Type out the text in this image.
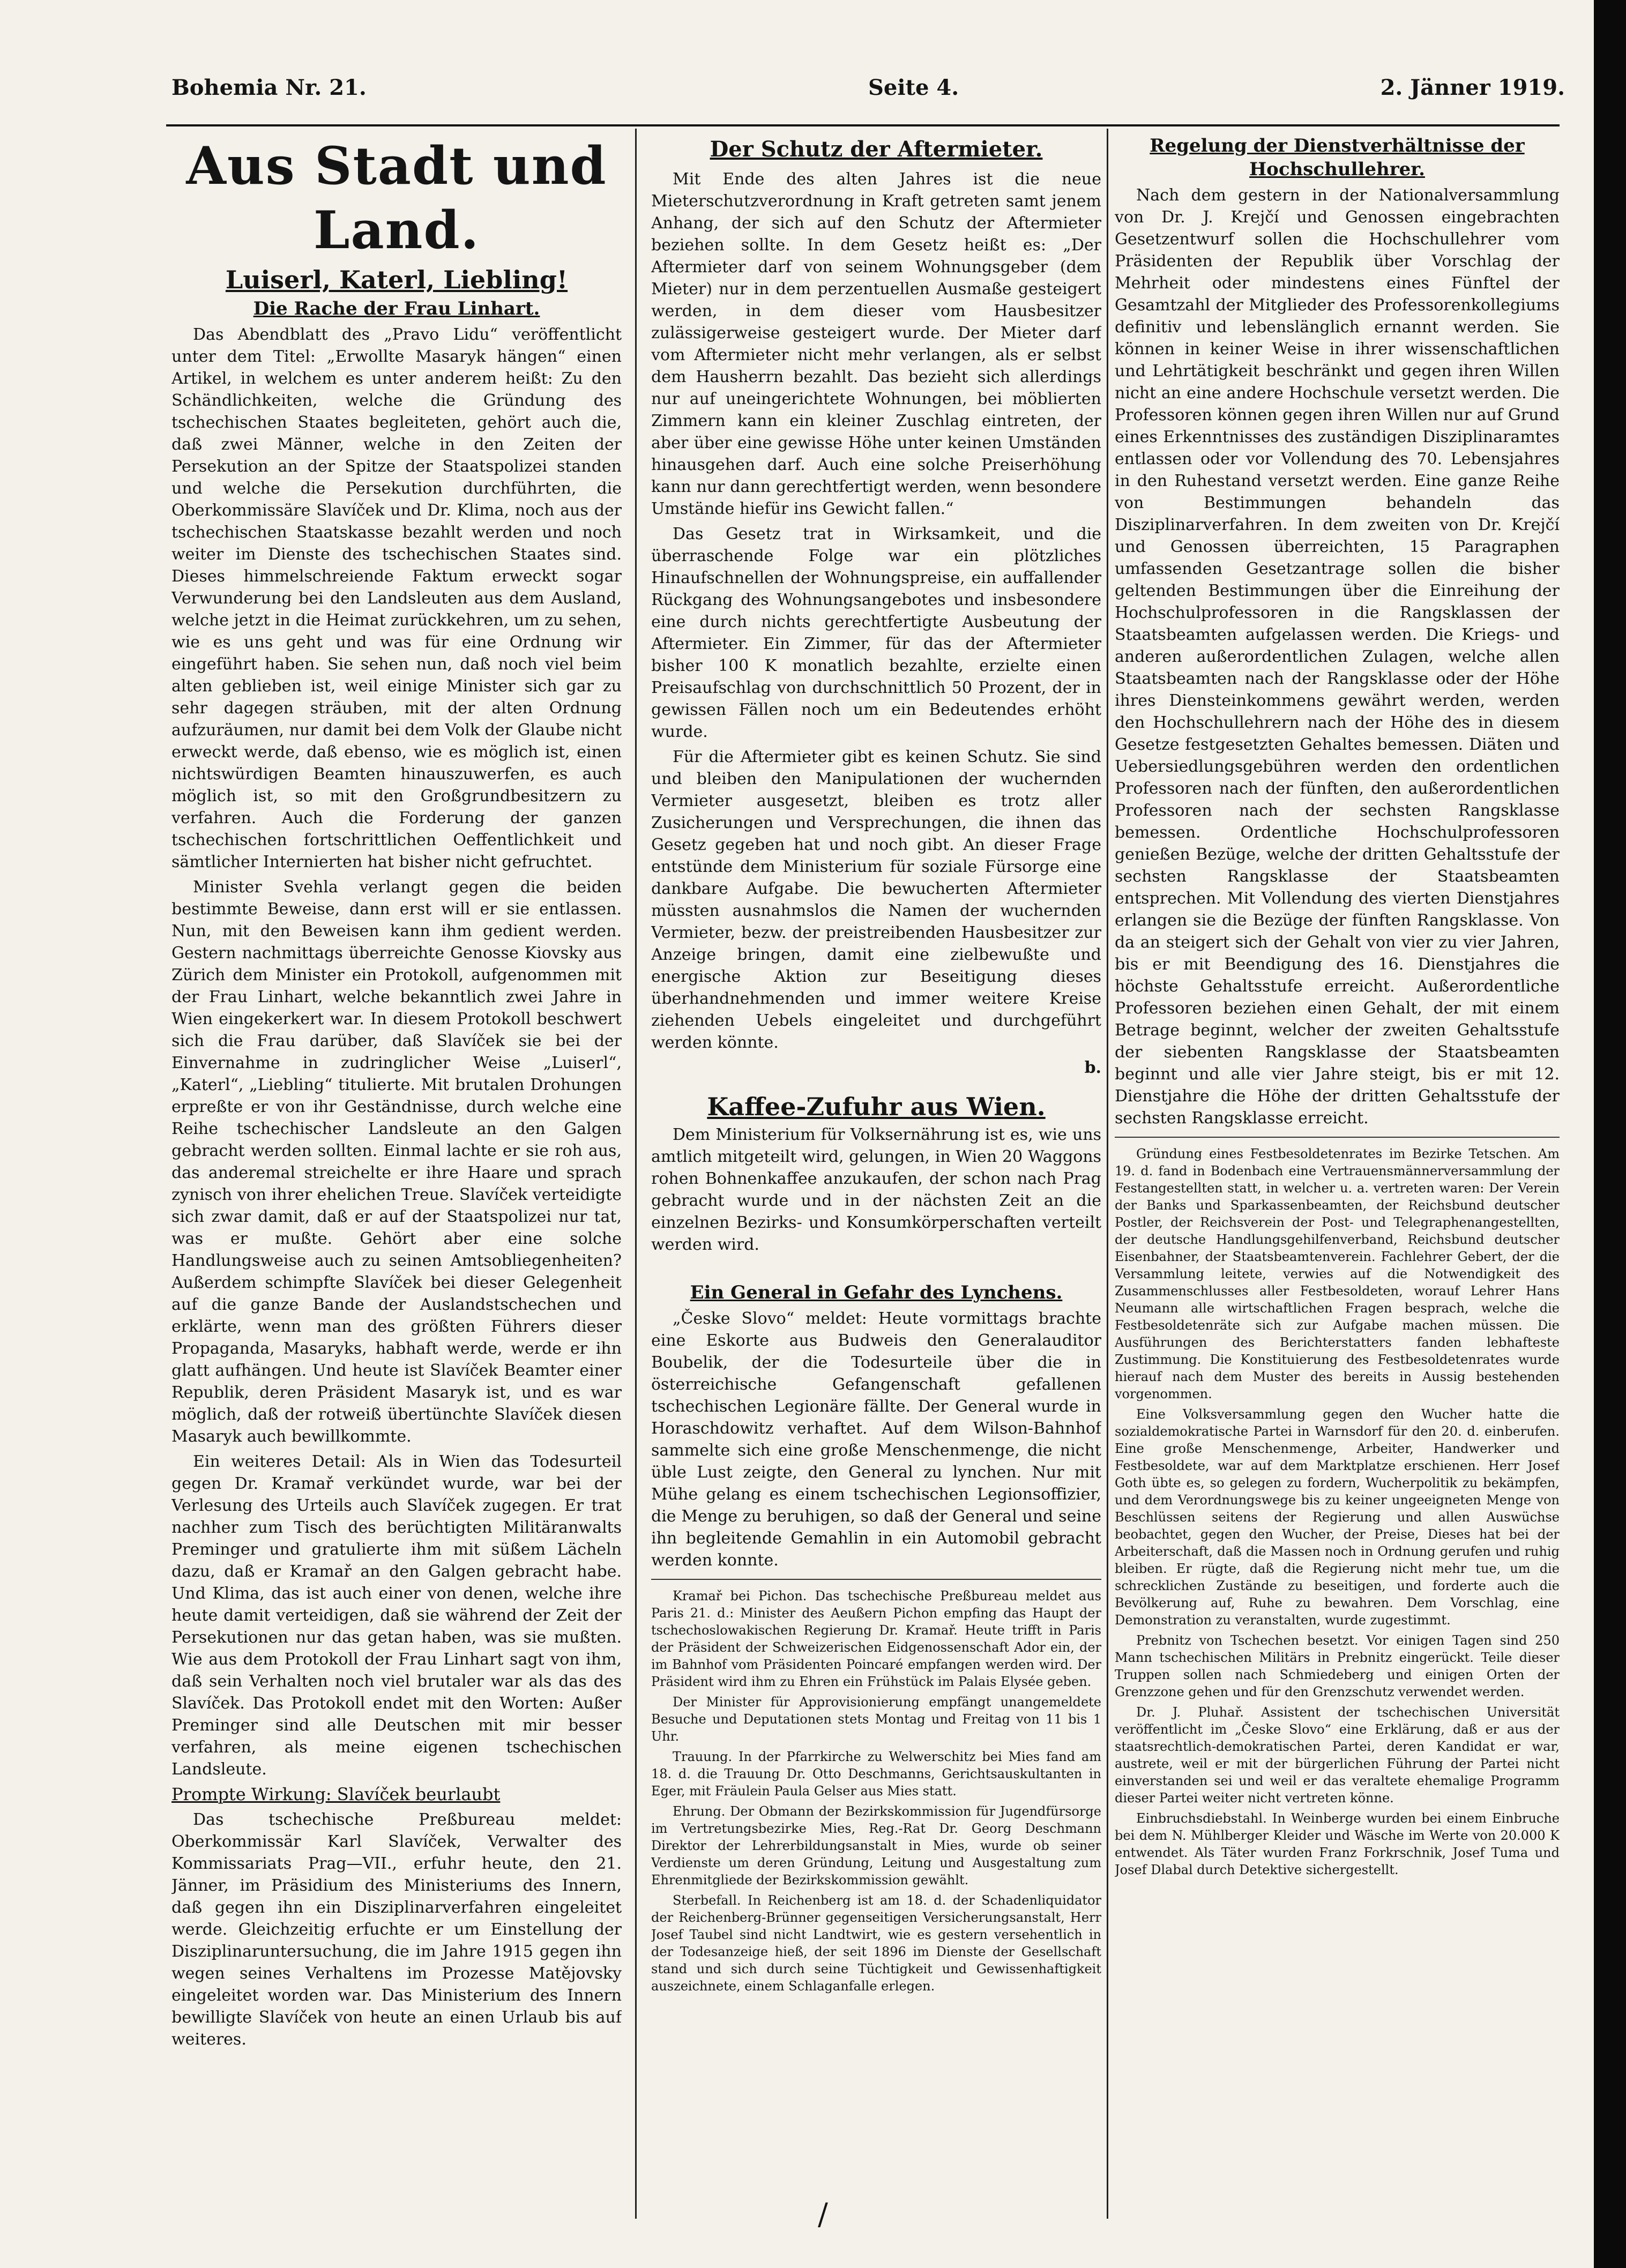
Bohemia Nr. 21.	Seite 4.	2. Jänner 1919.
Aus Stadt und Land.
Luiserl, Katerl, Liebling!
Die Rache der Frau Linhart.

Das Abendblatt des „Pravo Lidu“ veröffentlicht unter dem Titel: „Erwollte Masaryk hängen“ einen Artikel, in welchem es unter anderem heißt: Zu den Schändlichkeiten, welche die Gründung des tschechischen Staates begleiteten, gehört auch die, daß zwei Männer, welche in den Zeiten der Persekution an der Spitze der Staatspolizei standen und welche die Persekution durchführten, die Oberkommissäre Slavíček und Dr. Klima, noch aus der tschechischen Staatskasse bezahlt werden und noch weiter im Dienste des tschechischen Staates sind. Dieses himmelschreiende Faktum erweckt sogar Verwunderung bei den Landsleuten aus dem Ausland, welche jetzt in die Heimat zurückkehren, um zu sehen, wie es uns geht und was für eine Ordnung wir eingeführt haben. Sie sehen nun, daß noch viel beim alten geblieben ist, weil einige Minister sich gar zu sehr dagegen sträuben, mit der alten Ordnung aufzuräumen, nur damit bei dem Volk der Glaube nicht erweckt werde, daß ebenso, wie es möglich ist, einen nichtswürdigen Beamten hinauszuwerfen, es auch möglich ist, so mit den Großgrundbesitzern zu verfahren. Auch die Forderung der ganzen tschechischen fortschrittlichen Oeffentlichkeit und sämtlicher Internierten hat bisher nicht gefruchtet.

Minister Svehla verlangt gegen die beiden bestimmte Beweise, dann erst will er sie entlassen. Nun, mit den Beweisen kann ihm gedient werden. Gestern nachmittags überreichte Genosse Kiovsky aus Zürich dem Minister ein Protokoll, aufgenommen mit der Frau Linhart, welche bekanntlich zwei Jahre in Wien eingekerkert war. In diesem Protokoll beschwert sich die Frau darüber, daß Slavíček sie bei der Einvernahme in zudringlicher Weise „Luiserl“, „Katerl“, „Liebling“ titulierte. Mit brutalen Drohungen erpreßte er von ihr Geständnisse, durch welche eine Reihe tschechischer Landsleute an den Galgen gebracht werden sollten. Einmal lachte er sie roh aus, das anderemal streichelte er ihre Haare und sprach zynisch von ihrer ehelichen Treue. Slavíček verteidigte sich zwar damit, daß er auf der Staatspolizei nur tat, was er mußte. Gehört aber eine solche Handlungsweise auch zu seinen Amtsobliegenheiten? Außerdem schimpfte Slavíček bei dieser Gelegenheit auf die ganze Bande der Auslandstschechen und erklärte, wenn man des größten Führers dieser Propaganda, Masaryks, habhaft werde, werde er ihn glatt aufhängen. Und heute ist Slavíček Beamter einer Republik, deren Präsident Masaryk ist, und es war möglich, daß der rotweiß übertünchte Slavíček diesen Masaryk auch bewillkommte.

Ein weiteres Detail: Als in Wien das Todesurteil gegen Dr. Kramař verkündet wurde, war bei der Verlesung des Urteils auch Slavíček zugegen. Er trat nachher zum Tisch des berüchtigten Militäranwalts Preminger und gratulierte ihm mit süßem Lächeln dazu, daß er Kramař an den Galgen gebracht habe. Und Klima, das ist auch einer von denen, welche ihre heute damit verteidigen, daß sie während der Zeit der Persekutionen nur das getan haben, was sie mußten. Wie aus dem Protokoll der Frau Linhart sagt von ihm, daß sein Verhalten noch viel brutaler war als das des Slavíček. Das Protokoll endet mit den Worten: Außer Preminger sind alle Deutschen mit mir besser verfahren, als meine eigenen tschechischen Landsleute.

Prompte Wirkung: Slavíček beurlaubt

Das tschechische Preßbureau meldet: Oberkommissär Karl Slavíček, Verwalter des Kommissariats Prag—VII., erfuhr heute, den 21. Jänner, im Präsidium des Ministeriums des Innern, daß gegen ihn ein Disziplinarverfahren eingeleitet werde. Gleichzeitig erfuchte er um Einstellung der Disziplinaruntersuchung, die im Jahre 1915 gegen ihn wegen seines Verhaltens im Prozesse Matějovsky eingeleitet worden war. Das Ministerium des Innern bewilligte Slavíček von heute an einen Urlaub bis auf weiteres.

Der Schutz der Aftermieter.

Mit Ende des alten Jahres ist die neue Mieterschutzverordnung in Kraft getreten samt jenem Anhang, der sich auf den Schutz der Aftermieter beziehen sollte. In dem Gesetz heißt es: „Der Aftermieter darf von seinem Wohnungsgeber (dem Mieter) nur in dem perzentuellen Ausmaße gesteigert werden, in dem dieser vom Hausbesitzer zulässigerweise gesteigert wurde. Der Mieter darf vom Aftermieter nicht mehr verlangen, als er selbst dem Hausherrn bezahlt. Das bezieht sich allerdings nur auf uneingerichtete Wohnungen, bei möblierten Zimmern kann ein kleiner Zuschlag eintreten, der aber über eine gewisse Höhe unter keinen Umständen hinausgehen darf. Auch eine solche Preiserhöhung kann nur dann gerechtfertigt werden, wenn besondere Umstände hiefür ins Gewicht fallen.“

Das Gesetz trat in Wirksamkeit, und die überraschende Folge war ein plötzliches Hinaufschnellen der Wohnungspreise, ein auffallender Rückgang des Wohnungsangebotes und insbesondere eine durch nichts gerechtfertigte Ausbeutung der Aftermieter. Ein Zimmer, für das der Aftermieter bisher 100 K monatlich bezahlte, erzielte einen Preisaufschlag von durchschnittlich 50 Prozent, der in gewissen Fällen noch um ein Bedeutendes erhöht wurde.

Für die Aftermieter gibt es keinen Schutz. Sie sind und bleiben den Manipulationen der wuchernden Vermieter ausgesetzt, bleiben es trotz aller Zusicherungen und Versprechungen, die ihnen das Gesetz gegeben hat und noch gibt. An dieser Frage entstünde dem Ministerium für soziale Fürsorge eine dankbare Aufgabe. Die bewucherten Aftermieter müssten ausnahmslos die Namen der wuchernden Vermieter, bezw. der preistreibenden Hausbesitzer zur Anzeige bringen, damit eine zielbewußte und energische Aktion zur Beseitigung dieses überhandnehmenden und immer weitere Kreise ziehenden Uebels eingeleitet und durchgeführt werden könnte.

b.
Kaffee-Zufuhr aus Wien.

Dem Ministerium für Volksernährung ist es, wie uns amtlich mitgeteilt wird, gelungen, in Wien 20 Waggons rohen Bohnenkaffee anzukaufen, der schon nach Prag gebracht wurde und in der nächsten Zeit an die einzelnen Bezirks- und Konsumkörperschaften verteilt werden wird.

Ein General in Gefahr des Lynchens.

„Česke Slovo“ meldet: Heute vormittags brachte eine Eskorte aus Budweis den Generalauditor Boubelik, der die Todesurteile über die in österreichische Gefangenschaft gefallenen tschechischen Legionäre fällte. Der General wurde in Horaschdowitz verhaftet. Auf dem Wilson-Bahnhof sammelte sich eine große Menschenmenge, die nicht üble Lust zeigte, den General zu lynchen. Nur mit Mühe gelang es einem tschechischen Legionsoffizier, die Menge zu beruhigen, so daß der General und seine ihn begleitende Gemahlin in ein Automobil gebracht werden konnte.

Kramař bei Pichon. Das tschechische Preßbureau meldet aus Paris 21. d.: Minister des Aeußern Pichon empfing das Haupt der tschechoslowakischen Regierung Dr. Kramař. Heute trifft in Paris der Präsident der Schweizerischen Eidgenossenschaft Ador ein, der im Bahnhof vom Präsidenten Poincaré empfangen werden wird. Der Präsident wird ihm zu Ehren ein Frühstück im Palais Elysée geben.

Der Minister für Approvisionierung empfängt unangemeldete Besuche und Deputationen stets Montag und Freitag von 11 bis 1 Uhr.

Trauung. In der Pfarrkirche zu Welwerschitz bei Mies fand am 18. d. die Trauung Dr. Otto Deschmanns, Gerichtsauskultanten in Eger, mit Fräulein Paula Gelser aus Mies statt.

Ehrung. Der Obmann der Bezirkskommission für Jugendfürsorge im Vertretungsbezirke Mies, Reg.-Rat Dr. Georg Deschmann Direktor der Lehrerbildungsanstalt in Mies, wurde ob seiner Verdienste um deren Gründung, Leitung und Ausgestaltung zum Ehrenmitgliede der Bezirkskommission gewählt.

Sterbefall. In Reichenberg ist am 18. d. der Schadenliquidator der Reichenberg-Brünner gegenseitigen Versicherungsanstalt, Herr Josef Taubel sind nicht Landtwirt, wie es gestern versehentlich in der Todesanzeige hieß, der seit 1896 im Dienste der Gesellschaft stand und sich durch seine Tüchtigkeit und Gewissenhaftigkeit auszeichnete, einem Schlaganfalle erlegen.

Regelung der Dienstverhältnisse der Hochschullehrer.

Nach dem gestern in der Nationalversammlung von Dr. J. Krejčí und Genossen eingebrachten Gesetzentwurf sollen die Hochschullehrer vom Präsidenten der Republik über Vorschlag der Mehrheit oder mindestens eines Fünftel der Gesamtzahl der Mitglieder des Professorenkollegiums definitiv und lebenslänglich ernannt werden. Sie können in keiner Weise in ihrer wissenschaftlichen und Lehrtätigkeit beschränkt und gegen ihren Willen nicht an eine andere Hochschule versetzt werden. Die Professoren können gegen ihren Willen nur auf Grund eines Erkenntnisses des zuständigen Disziplinaramtes entlassen oder vor Vollendung des 70. Lebensjahres in den Ruhestand versetzt werden. Eine ganze Reihe von Bestimmungen behandeln das Disziplinarverfahren. In dem zweiten von Dr. Krejčí und Genossen überreichten, 15 Paragraphen umfassenden Gesetzantrage sollen die bisher geltenden Bestimmungen über die Einreihung der Hochschulprofessoren in die Rangsklassen der Staatsbeamten aufgelassen werden. Die Kriegs- und anderen außerordentlichen Zulagen, welche allen Staatsbeamten nach der Rangsklasse oder der Höhe ihres Diensteinkommens gewährt werden, werden den Hochschullehrern nach der Höhe des in diesem Gesetze festgesetzten Gehaltes bemessen. Diäten und Uebersiedlungsgebühren werden den ordentlichen Professoren nach der fünften, den außerordentlichen Professoren nach der sechsten Rangsklasse bemessen. Ordentliche Hochschulprofessoren genießen Bezüge, welche der dritten Gehaltsstufe der sechsten Rangsklasse der Staatsbeamten entsprechen. Mit Vollendung des vierten Dienstjahres erlangen sie die Bezüge der fünften Rangsklasse. Von da an steigert sich der Gehalt von vier zu vier Jahren, bis er mit Beendigung des 16. Dienstjahres die höchste Gehaltsstufe erreicht. Außerordentliche Professoren beziehen einen Gehalt, der mit einem Betrage beginnt, welcher der zweiten Gehaltsstufe der siebenten Rangsklasse der Staatsbeamten beginnt und alle vier Jahre steigt, bis er mit 12. Dienstjahre die Höhe der dritten Gehaltsstufe der sechsten Rangsklasse erreicht.

Gründung eines Festbesoldetenrates im Bezirke Tetschen. Am 19. d. fand in Bodenbach eine Vertrauensmännerversammlung der Festangestellten statt, in welcher u. a. vertreten waren: Der Verein der Banks und Sparkassenbeamten, der Reichsbund deutscher Postler, der Reichsverein der Post- und Telegraphenangestellten, der deutsche Handlungsgehilfenverband, Reichsbund deutscher Eisenbahner, der Staatsbeamtenverein. Fachlehrer Gebert, der die Versammlung leitete, verwies auf die Notwendigkeit des Zusammenschlusses aller Festbesoldeten, worauf Lehrer Hans Neumann alle wirtschaftlichen Fragen besprach, welche die Festbesoldetenräte sich zur Aufgabe machen müssen. Die Ausführungen des Berichterstatters fanden lebhafteste Zustimmung. Die Konstituierung des Festbesoldetenrates wurde hierauf nach dem Muster des bereits in Aussig bestehenden vorgenommen.

Eine Volksversammlung gegen den Wucher hatte die sozialdemokratische Partei in Warnsdorf für den 20. d. einberufen. Eine große Menschenmenge, Arbeiter, Handwerker und Festbesoldete, war auf dem Marktplatze erschienen. Herr Josef Goth übte es, so gelegen zu fordern, Wucherpolitik zu bekämpfen, und dem Verordnungswege bis zu keiner ungeeigneten Menge von Beschlüssen seitens der Regierung und allen Auswüchse beobachtet, gegen den Wucher, der Preise, Dieses hat bei der Arbeiterschaft, daß die Massen noch in Ordnung gerufen und ruhig bleiben. Er rügte, daß die Regierung nicht mehr tue, um die schrecklichen Zustände zu beseitigen, und forderte auch die Bevölkerung auf, Ruhe zu bewahren. Dem Vorschlag, eine Demonstration zu veranstalten, wurde zugestimmt.

Prebnitz von Tschechen besetzt. Vor einigen Tagen sind 250 Mann tschechischen Militärs in Prebnitz eingerückt. Teile dieser Truppen sollen nach Schmiedeberg und einigen Orten der Grenzzone gehen und für den Grenzschutz verwendet werden.

Dr. J. Pluhař. Assistent der tschechischen Universität veröffentlicht im „Česke Slovo“ eine Erklärung, daß er aus der staatsrechtlich-demokratischen Partei, deren Kandidat er war, austrete, weil er mit der bürgerlichen Führung der Partei nicht einverstanden sei und weil er das veraltete ehemalige Programm dieser Partei weiter nicht vertreten könne.

Einbruchsdiebstahl. In Weinberge wurden bei einem Einbruche bei dem N. Mühlberger Kleider und Wäsche im Werte von 20.000 K entwendet. Als Täter wurden Franz Forkrschnik, Josef Tuma und Josef Dlabal durch Detektive sichergestellt.

/
